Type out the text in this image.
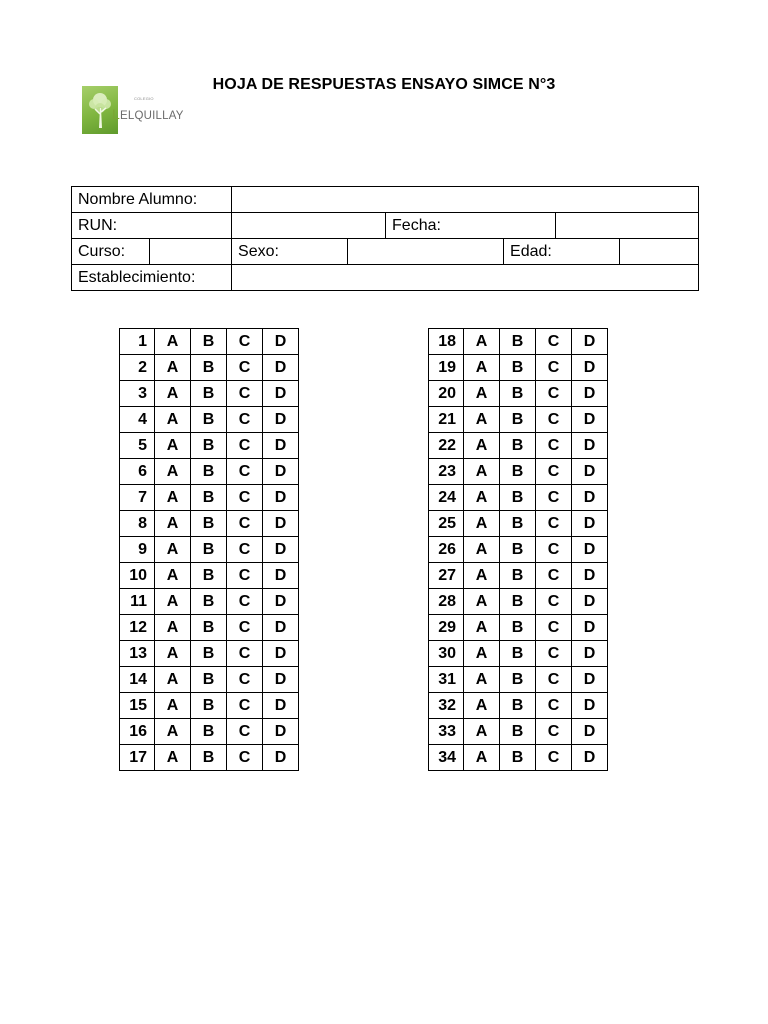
COLEGIO
LELQUILLAY
HOJA DE RESPUESTAS ENSAYO SIMCE N°3
Nombre Alumno:							
RUN:				Fecha:			
Curso:		Sexo:			Edad:		
Establecimiento:							
1	A	B	C	D
2	A	B	C	D
3	A	B	C	D
4	A	B	C	D
5	A	B	C	D
6	A	B	C	D
7	A	B	C	D
8	A	B	C	D
9	A	B	C	D
10	A	B	C	D
11	A	B	C	D
12	A	B	C	D
13	A	B	C	D
14	A	B	C	D
15	A	B	C	D
16	A	B	C	D
17	A	B	C	D
18	A	B	C	D
19	A	B	C	D
20	A	B	C	D
21	A	B	C	D
22	A	B	C	D
23	A	B	C	D
24	A	B	C	D
25	A	B	C	D
26	A	B	C	D
27	A	B	C	D
28	A	B	C	D
29	A	B	C	D
30	A	B	C	D
31	A	B	C	D
32	A	B	C	D
33	A	B	C	D
34	A	B	C	D
